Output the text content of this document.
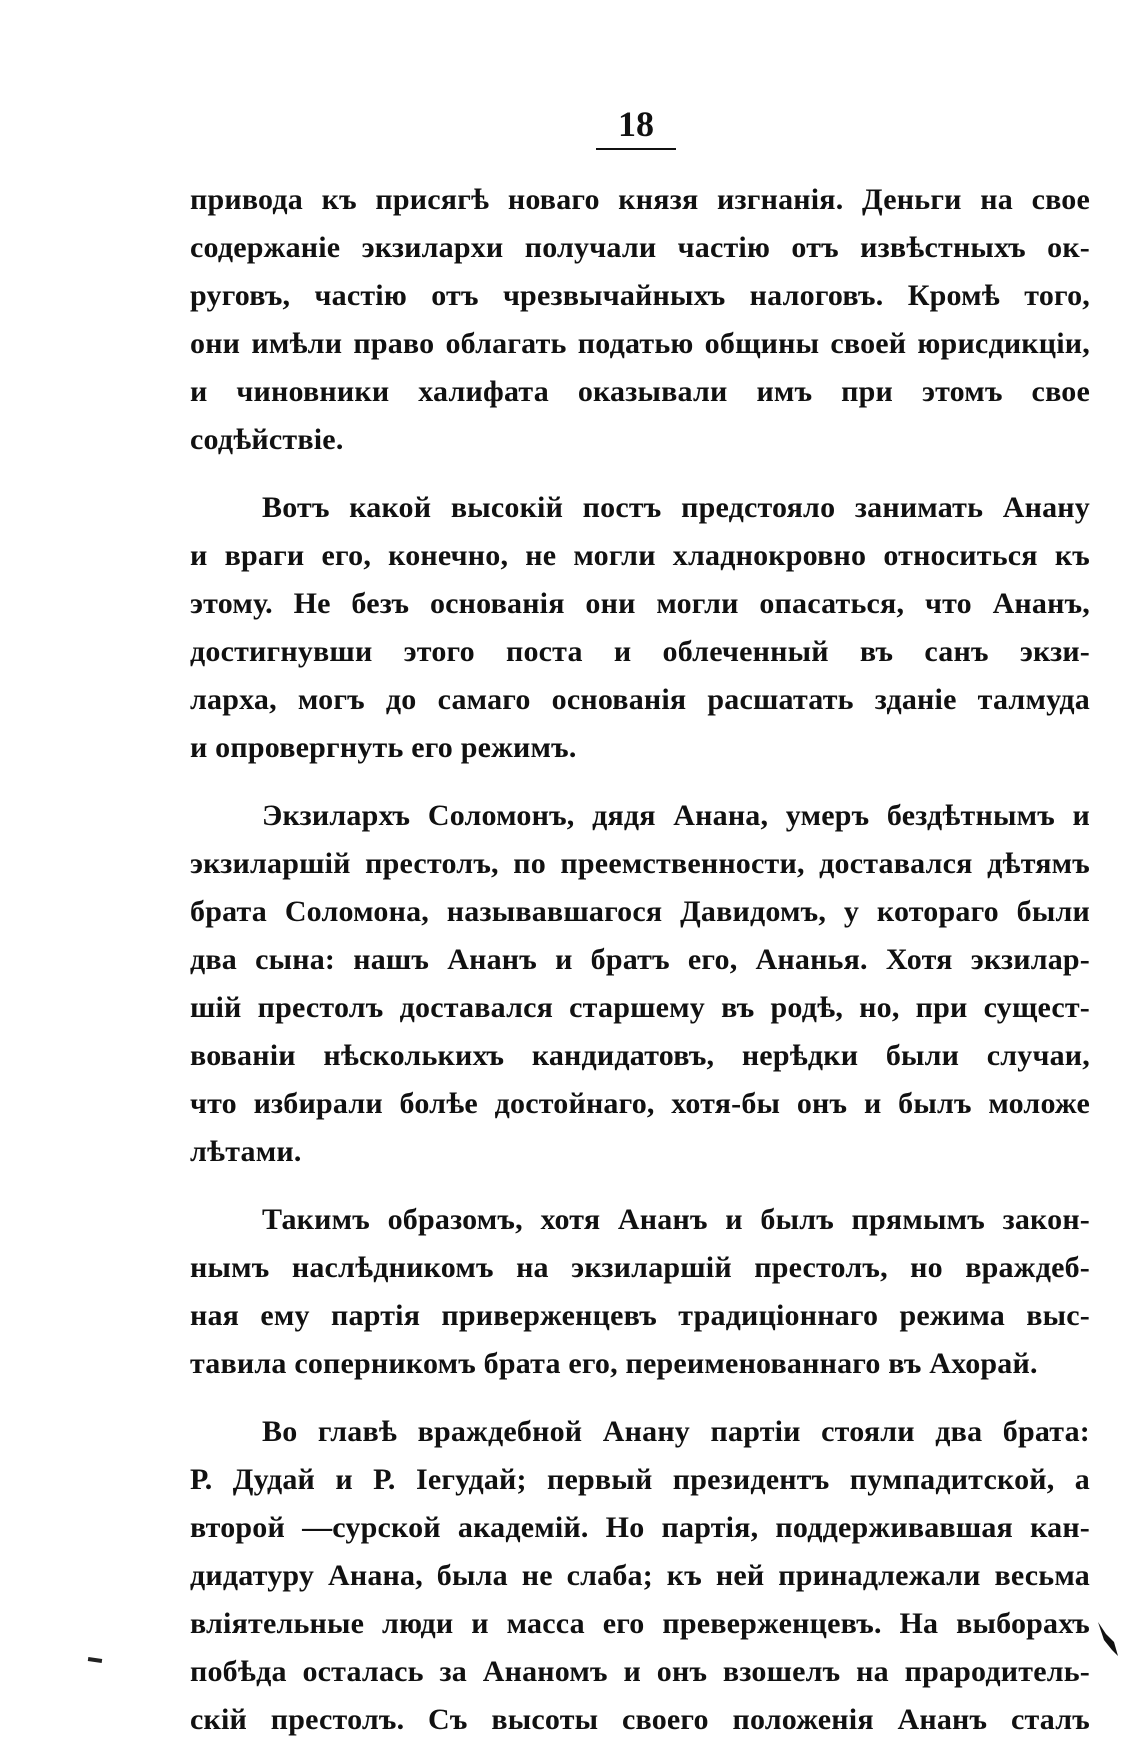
18

привода къ присягѣ новаго князя изгнанія. Деньги на свое
содержаніе экзилархи получали частію отъ извѣстныхъ ок-
руговъ, частію отъ чрезвычайныхъ налоговъ. Кромѣ того,
они имѣли право облагать податью общины своей юрисдикціи,
и чиновники халифата оказывали имъ при этомъ свое
содѣйствіе.

Вотъ какой высокій постъ предстояло занимать Анану
и враги его, конечно, не могли хладнокровно относиться къ
этому. Не безъ основанія они могли опасаться, что Ананъ,
достигнувши этого поста и облеченный въ санъ экзи-
ларха, могъ до самаго основанія расшатать зданіе талмуда
и опровергнуть его режимъ.

Экзилархъ Соломонъ, дядя Анана, умеръ бездѣтнымъ и
экзиларшій престолъ, по преемственности, доставался дѣтямъ
брата Соломона, называвшагося Давидомъ, у котораго были
два сына: нашъ Ананъ и братъ его, Ананья. Хотя экзилар-
шій престолъ доставался старшему въ родѣ, но, при сущест-
вованіи нѣсколькихъ кандидатовъ, нерѣдки были случаи,
что избирали болѣе достойнаго, хотя-бы онъ и былъ моложе
лѣтами.

Такимъ образомъ, хотя Ананъ и былъ прямымъ закон-
нымъ наслѣдникомъ на экзиларшій престолъ, но враждеб-
ная ему партія приверженцевъ традиціоннаго режима выс-
тавила соперникомъ брата его, переименованнаго въ Ахорай.

Во главѣ враждебной Анану партіи стояли два брата:
Р. Дудай и Р. Іегудай; первый президентъ пумпадитской, а
второй —сурской академій. Но партія, поддерживавшая кан-
дидатуру Анана, была не слаба; къ ней принадлежали весьма
вліятельные люди и масса его преверженцевъ. На выборахъ
побѣда осталась за Ананомъ и онъ взошелъ на прародитель-
скій престолъ. Съ высоты своего положенія Ананъ сталъ
